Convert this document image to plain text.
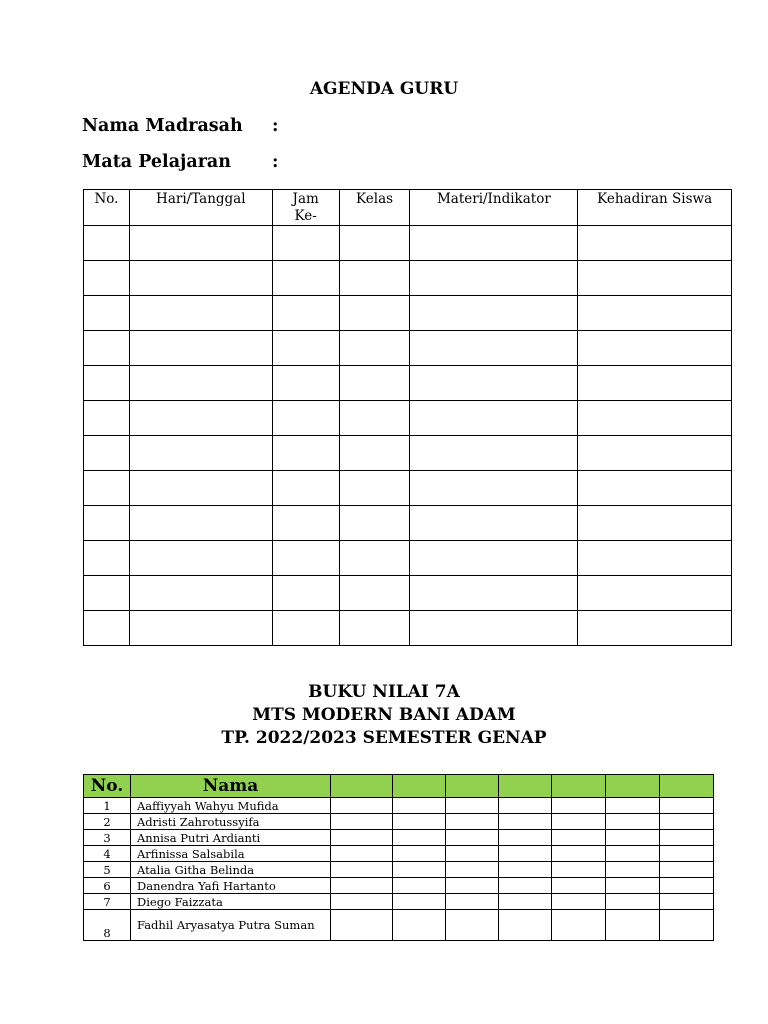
AGENDA GURU
Nama Madrasah :
Mata Pelajaran :
No.	Hari/Tanggal	Jam Ke-	Kelas	Materi/Indikator	Kehadiran Siswa

BUKU NILAI 7A
MTS MODERN BANI ADAM
TP. 2022/2023 SEMESTER GENAP
No.	Nama							
1	Aaffiyyah Wahyu Mufida							
2	Adristi Zahrotussyifa							
3	Annisa Putri Ardianti							
4	Arfinissa Salsabila							
5	Atalia Githa Belinda							
6	Danendra Yafi Hartanto							
7	Diego Faizzata							
8	Fadhil Aryasatya Putra Suman							
